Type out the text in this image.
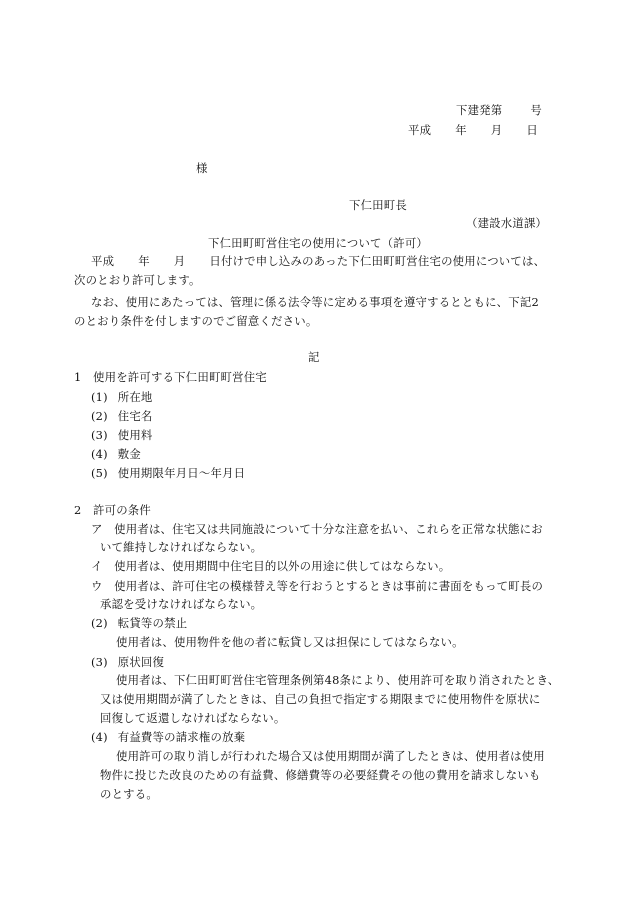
下建発第 号
平成 年 月 日
様
下仁田町長
（建設水道課）
下仁田町町営住宅の使用について（許可）
平成 年 月 日付けで申し込みのあった下仁田町町営住宅の使用については、
次のとおり許可します。
なお、使用にあたっては、管理に係る法令等に定める事項を遵守するとともに、下記2
のとおり条件を付しますのでご留意ください。
記
1　使用を許可する下仁田町町営住宅
(1) 所在地
(2) 住宅名
(3) 使用料
(4) 敷金
(5) 使用期限年月日～年月日
2　許可の条件
ア　使用者は、住宅又は共同施設について十分な注意を払い、これらを正常な状態にお
いて維持しなければならない。
イ　使用者は、使用期間中住宅目的以外の用途に供してはならない。
ウ　使用者は、許可住宅の模様替え等を行おうとするときは事前に書面をもって町長の
承認を受けなければならない。
(2) 転貸等の禁止
使用者は、使用物件を他の者に転貸し又は担保にしてはならない。
(3) 原状回復
使用者は、下仁田町町営住宅管理条例第48条により、使用許可を取り消されたとき、
又は使用期間が満了したときは、自己の負担で指定する期限までに使用物件を原状に
回復して返還しなければならない。
(4) 有益費等の請求権の放棄
使用許可の取り消しが行われた場合又は使用期間が満了したときは、使用者は使用
物件に投じた改良のための有益費、修繕費等の必要経費その他の費用を請求しないも
のとする。
